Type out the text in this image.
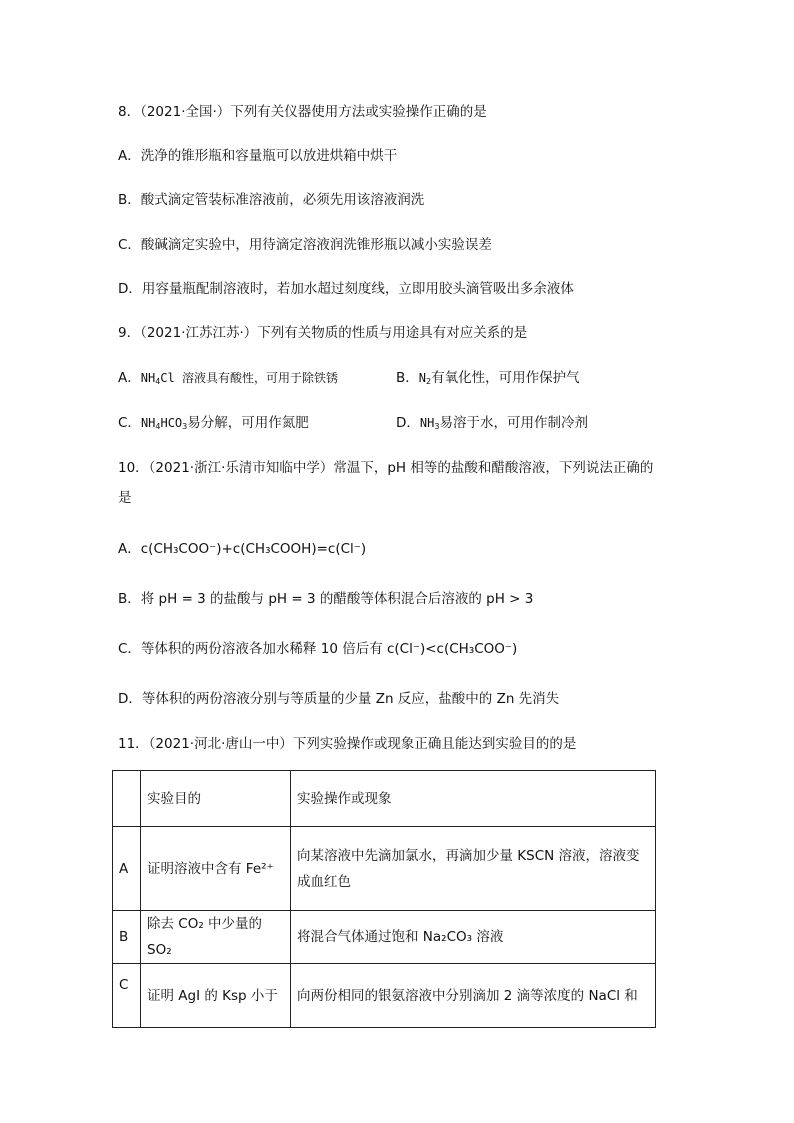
8．（2021·全国·）下列有关仪器使用方法或实验操作正确的是
A．洗净的锥形瓶和容量瓶可以放进烘箱中烘干
B．酸式滴定管装标准溶液前，必须先用该溶液润洗
C．酸碱滴定实验中，用待滴定溶液润洗锥形瓶以减小实验误差
D．用容量瓶配制溶液时，若加水超过刻度线，立即用胶头滴管吸出多余液体
9．（2021·江苏江苏·）下列有关物质的性质与用途具有对应关系的是
A．$NH_4Cl$ 溶液具有酸性，可用于除铁锈	B．$N_2$有氧化性，可用作保护气
C．$NH_4HCO_3$易分解，可用作氮肥	D．$NH_3$易溶于水，可用作制冷剂
10．（2021·浙江·乐清市知临中学）常温下，pH 相等的盐酸和醋酸溶液，下列说法正确的
是
A．c(CH₃COO⁻)+c(CH₃COOH)=c(Cl⁻)
B．将 pH = 3 的盐酸与 pH = 3 的醋酸等体积混合后溶液的 pH > 3
C．等体积的两份溶液各加水稀释 10 倍后有 c(Cl⁻)<c(CH₃COO⁻)
D．等体积的两份溶液分别与等质量的少量 Zn 反应，盐酸中的 Zn 先消失
11．（2021·河北·唐山一中）下列实验操作或现象正确且能达到实验目的的是
	实验目的	实验操作或现象
A	证明溶液中含有 Fe²⁺	向某溶液中先滴加氯水，再滴加少量 KSCN 溶液，溶液变成血红色
B	除去 CO₂ 中少量的 SO₂	将混合气体通过饱和 Na₂CO₃ 溶液
C	证明 AgI 的 Ksp 小于	向两份相同的银氨溶液中分别滴加 2 滴等浓度的 NaCl 和
